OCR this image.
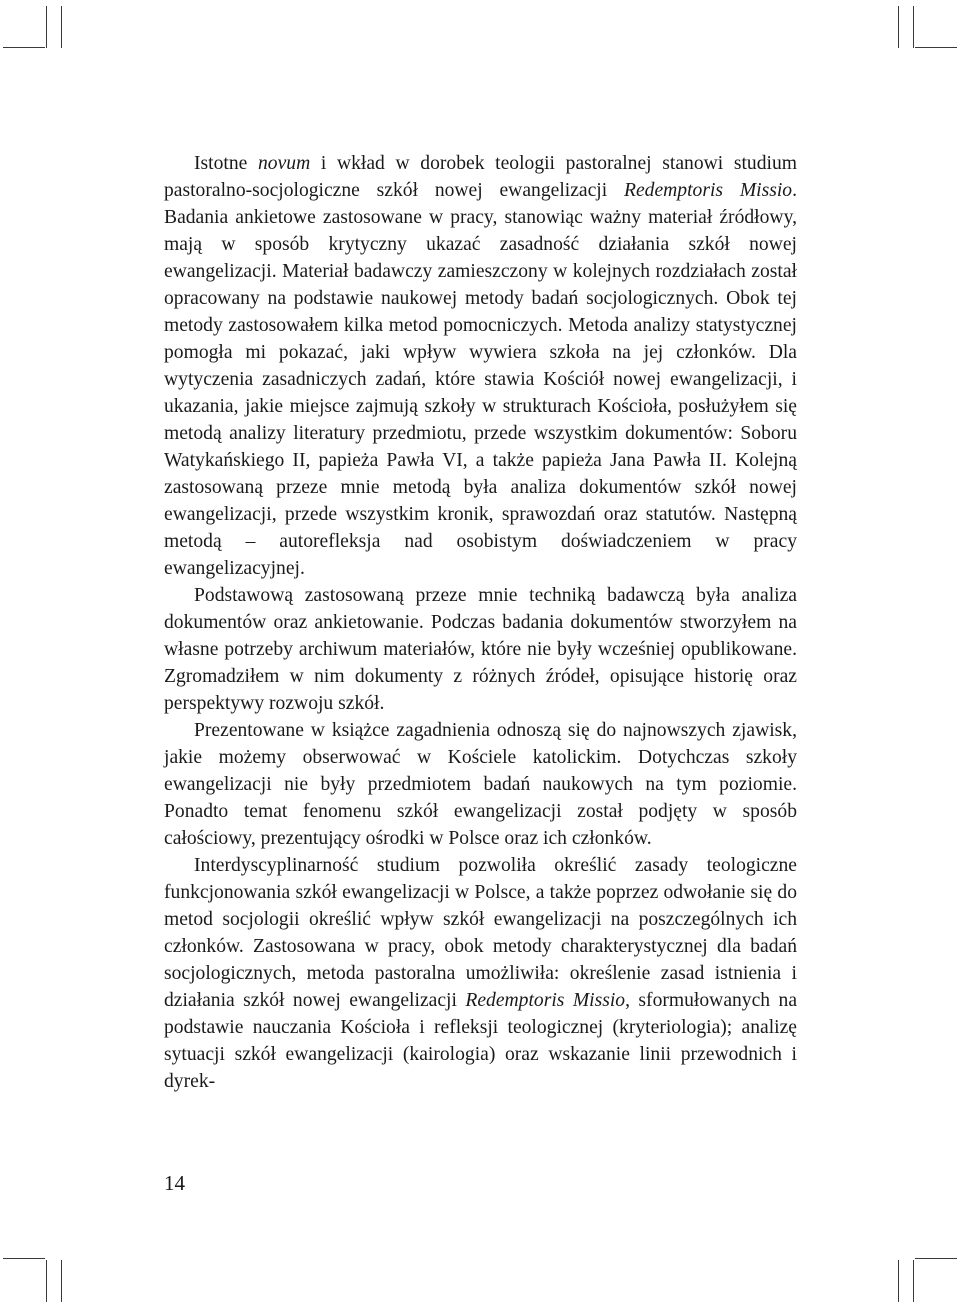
Istotne novum i wkład w dorobek teologii pastoralnej stanowi studium pastoralno-socjologiczne szkół nowej ewangelizacji Redemptoris Missio. Badania ankietowe zastosowane w pracy, stanowiąc ważny materiał źródłowy, mają w sposób krytyczny ukazać zasadność działania szkół nowej ewangelizacji. Materiał badawczy zamieszczony w kolejnych rozdziałach został opracowany na podstawie naukowej metody badań socjologicznych. Obok tej metody zastosowałem kilka metod pomocniczych. Metoda analizy statystycznej pomogła mi pokazać, jaki wpływ wywiera szkoła na jej członków. Dla wytyczenia zasadniczych zadań, które stawia Kościół nowej ewangelizacji, i ukazania, jakie miejsce zajmują szkoły w strukturach Kościoła, posłużyłem się metodą analizy literatury przedmiotu, przede wszystkim dokumentów: Soboru Watykańskiego II, papieża Pawła VI, a także papieża Jana Pawła II. Kolejną zastosowaną przeze mnie metodą była analiza dokumentów szkół nowej ewangelizacji, przede wszystkim kronik, sprawozdań oraz statutów. Następną metodą – autorefleksja nad osobistym doświadczeniem w pracy ewangelizacyjnej.

Podstawową zastosowaną przeze mnie techniką badawczą była analiza dokumentów oraz ankietowanie. Podczas badania dokumentów stworzyłem na własne potrzeby archiwum materiałów, które nie były wcześniej opublikowane. Zgromadziłem w nim dokumenty z różnych źródeł, opisujące historię oraz perspektywy rozwoju szkół.

Prezentowane w książce zagadnienia odnoszą się do najnowszych zjawisk, jakie możemy obserwować w Kościele katolickim. Dotychczas szkoły ewangelizacji nie były przedmiotem badań naukowych na tym poziomie. Ponadto temat fenomenu szkół ewangelizacji został podjęty w sposób całościowy, prezentujący ośrodki w Polsce oraz ich członków.

Interdyscyplinarność studium pozwoliła określić zasady teologiczne funkcjonowania szkół ewangelizacji w Polsce, a także poprzez odwołanie się do metod socjologii określić wpływ szkół ewangelizacji na poszczególnych ich członków. Zastosowana w pracy, obok metody charakterystycznej dla badań socjologicznych, metoda pastoralna umożliwiła: określenie zasad istnienia i działania szkół nowej ewangelizacji Redemptoris Missio, sformułowanych na podstawie nauczania Kościoła i refleksji teologicznej (kryteriologia); analizę sytuacji szkół ewangelizacji (kairologia) oraz wskazanie linii przewodnich i dyrek-

14
